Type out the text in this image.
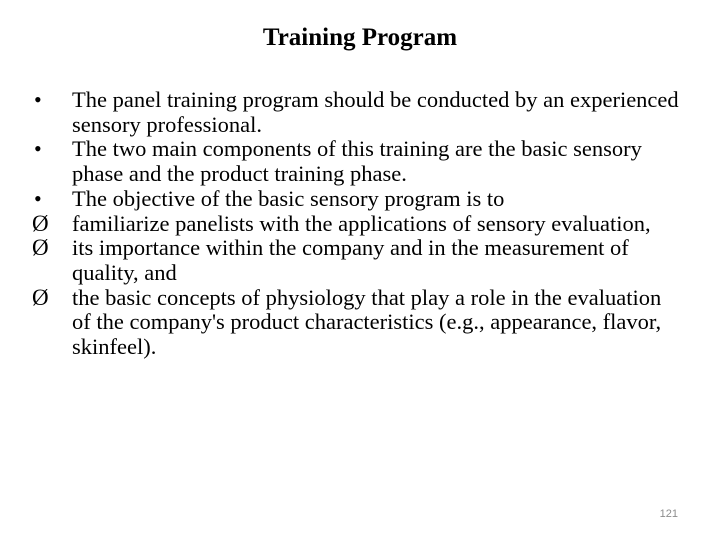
Training Program
•	The panel training program should be conducted by an experienced sensory professional.
•	The two main components of this training are the basic sensory phase and the product training phase.
•	The objective of the basic sensory program is to
Ø	familiarize panelists with the applications of sensory evaluation,
Ø	its importance within the company and in the measurement of quality, and
Ø	the basic concepts of physiology that play a role in the evaluation of the company's product characteristics (e.g., appearance, flavor, skinfeel).
121
